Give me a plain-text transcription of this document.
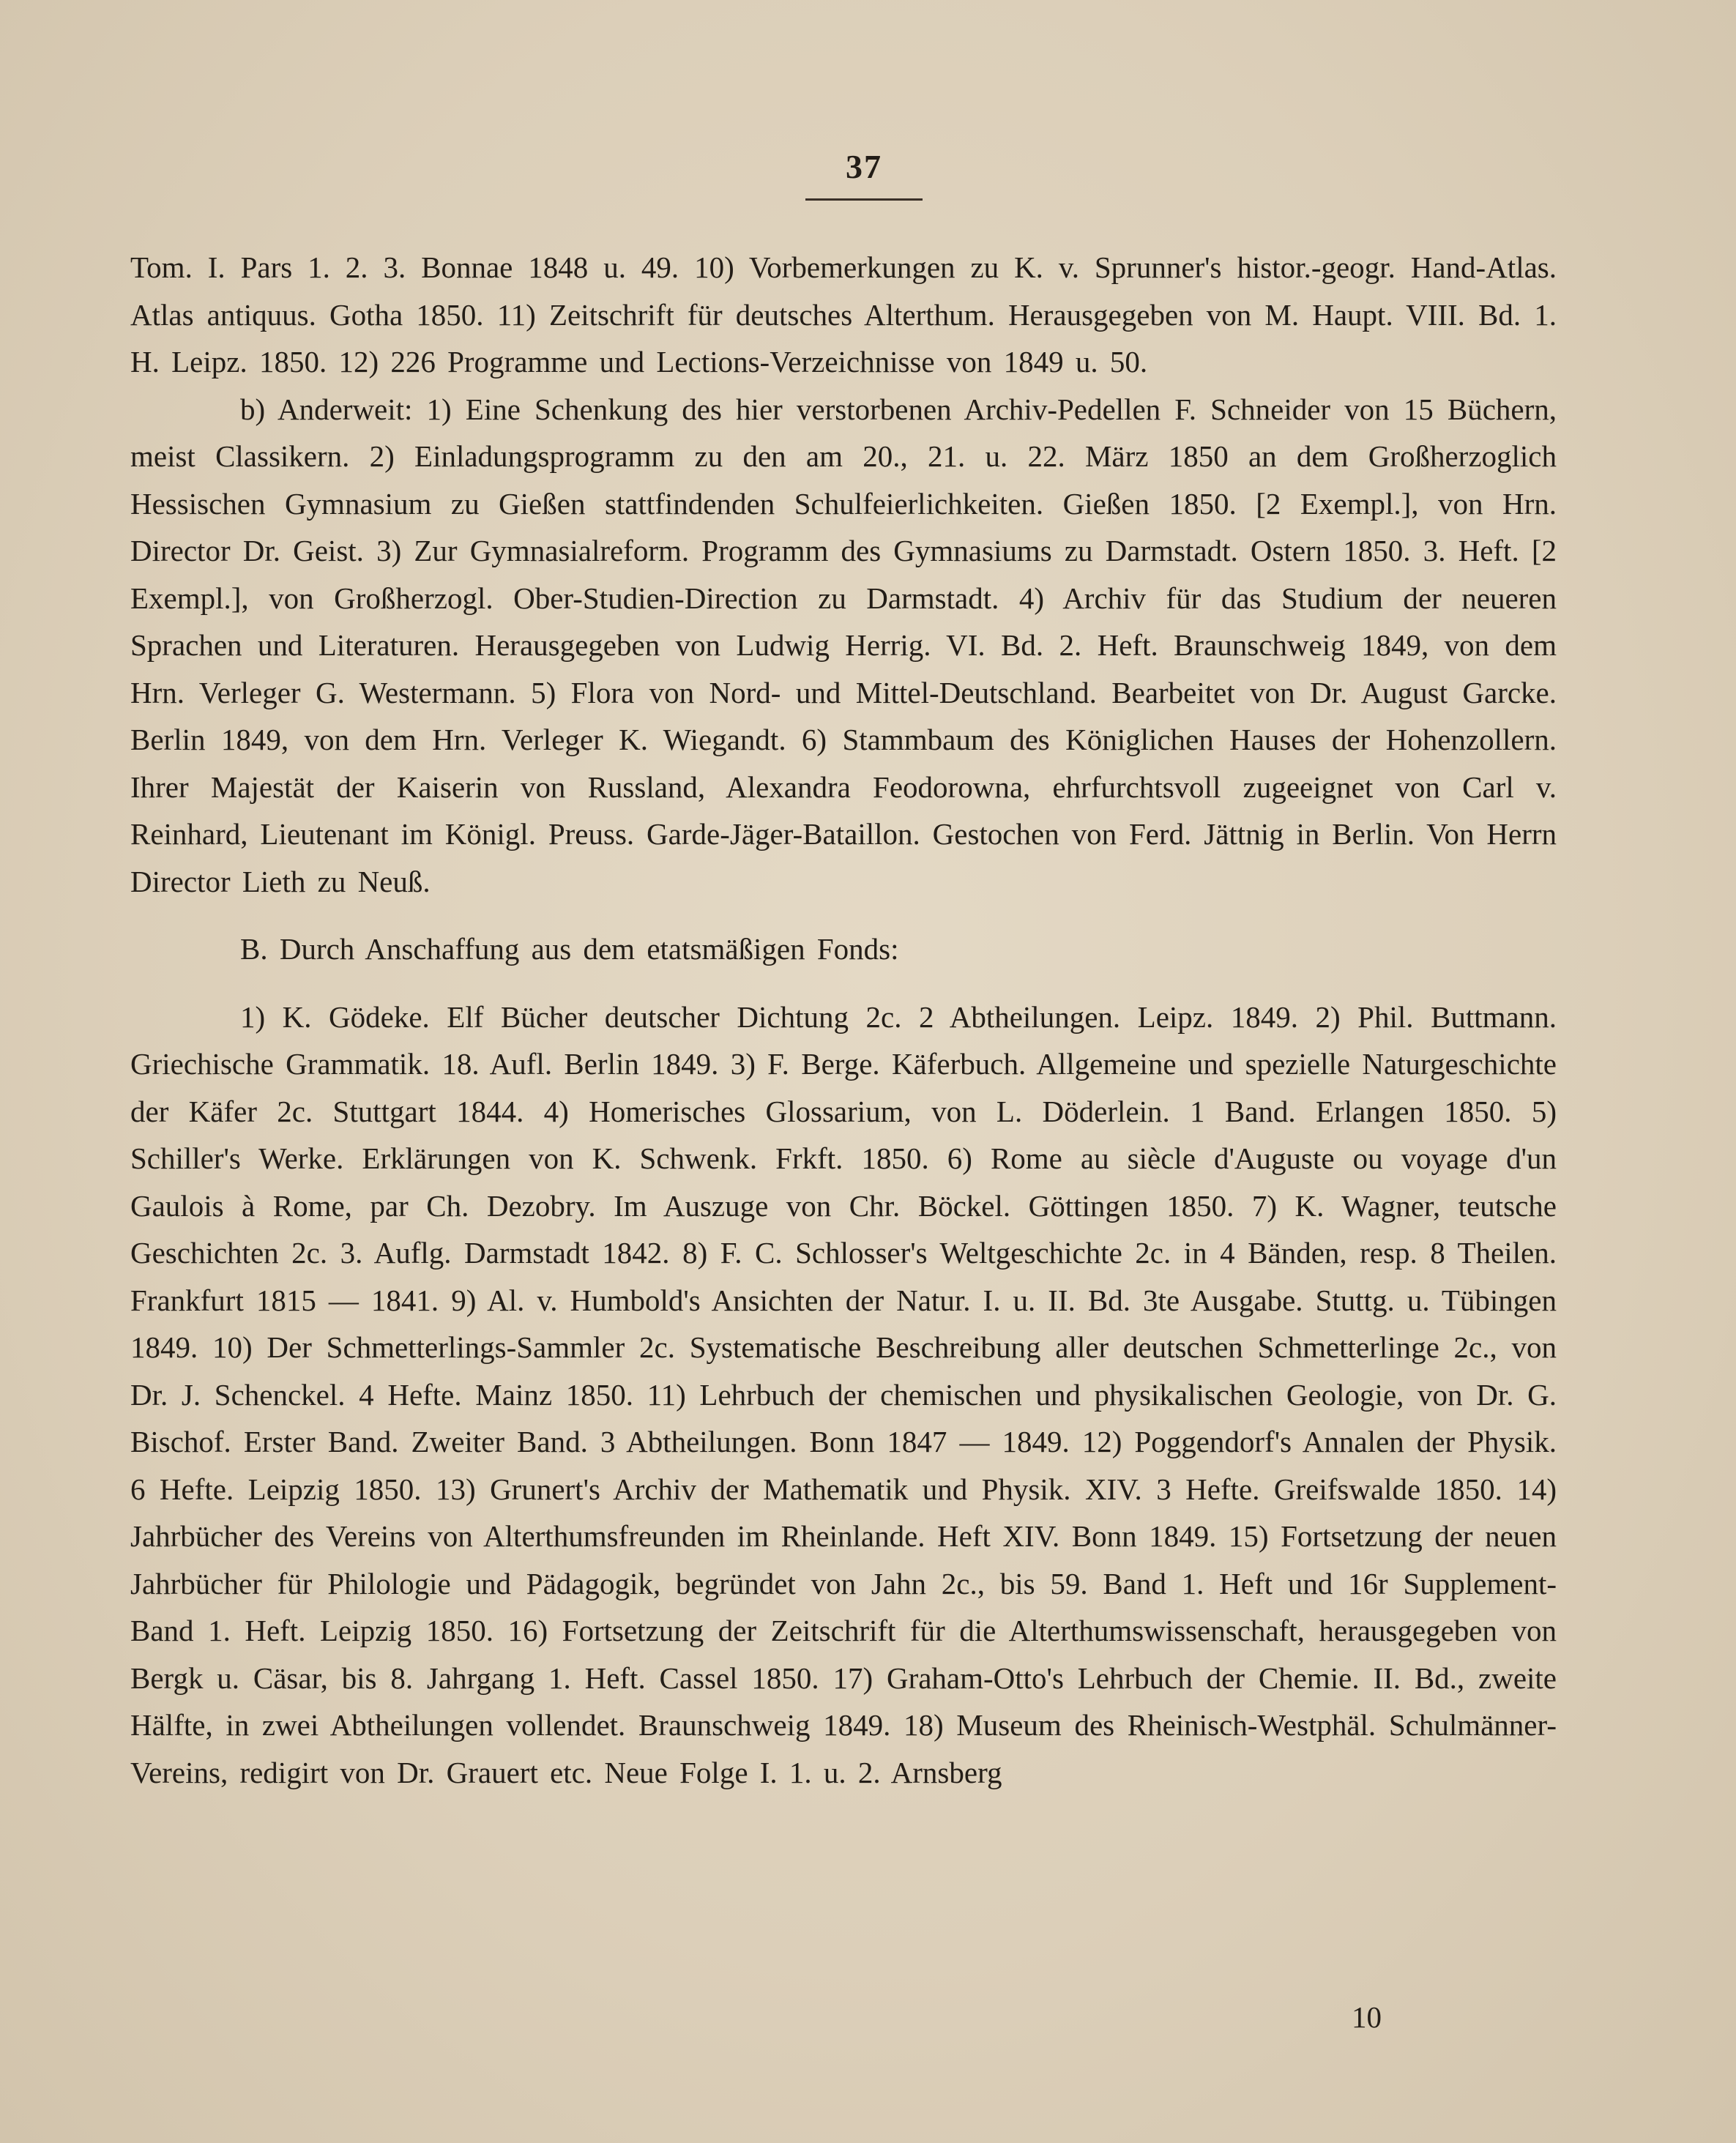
37

Tom. I. Pars 1. 2. 3. Bonnae 1848 u. 49. 10) Vorbemerkungen zu K. v. Sprunner's histor.-geogr. Hand-Atlas. Atlas antiquus. Gotha 1850. 11) Zeitschrift für deutsches Alterthum. Herausgegeben von M. Haupt. VIII. Bd. 1. H. Leipz. 1850. 12) 226 Programme und Lections-Verzeichnisse von 1849 u. 50.

b) Anderweit: 1) Eine Schenkung des hier verstorbenen Archiv-Pedellen F. Schneider von 15 Büchern, meist Classikern. 2) Einladungsprogramm zu den am 20., 21. u. 22. März 1850 an dem Großherzoglich Hessischen Gymnasium zu Gießen stattfindenden Schulfeierlichkeiten. Gießen 1850. [2 Exempl.], von Hrn. Director Dr. Geist. 3) Zur Gymnasialreform. Programm des Gymnasiums zu Darmstadt. Ostern 1850. 3. Heft. [2 Exempl.], von Großherzogl. Ober-Studien-Direction zu Darmstadt. 4) Archiv für das Studium der neueren Sprachen und Literaturen. Herausgegeben von Ludwig Herrig. VI. Bd. 2. Heft. Braunschweig 1849, von dem Hrn. Verleger G. Westermann. 5) Flora von Nord- und Mittel-Deutschland. Bearbeitet von Dr. August Garcke. Berlin 1849, von dem Hrn. Verleger K. Wiegandt. 6) Stammbaum des Königlichen Hauses der Hohenzollern. Ihrer Majestät der Kaiserin von Russland, Alexandra Feodorowna, ehrfurchtsvoll zugeeignet von Carl v. Reinhard, Lieutenant im Königl. Preuss. Garde-Jäger-Bataillon. Gestochen von Ferd. Jättnig in Berlin. Von Herrn Director Lieth zu Neuß.

B. Durch Anschaffung aus dem etatsmäßigen Fonds:

1) K. Gödeke. Elf Bücher deutscher Dichtung 2c. 2 Abtheilungen. Leipz. 1849. 2) Phil. Buttmann. Griechische Grammatik. 18. Aufl. Berlin 1849. 3) F. Berge. Käferbuch. Allgemeine und spezielle Naturgeschichte der Käfer 2c. Stuttgart 1844. 4) Homerisches Glossarium, von L. Döderlein. 1 Band. Erlangen 1850. 5) Schiller's Werke. Erklärungen von K. Schwenk. Frkft. 1850. 6) Rome au siècle d'Auguste ou voyage d'un Gaulois à Rome, par Ch. Dezobry. Im Auszuge von Chr. Böckel. Göttingen 1850. 7) K. Wagner, teutsche Geschichten 2c. 3. Auflg. Darmstadt 1842. 8) F. C. Schlosser's Weltgeschichte 2c. in 4 Bänden, resp. 8 Theilen. Frankfurt 1815 — 1841. 9) Al. v. Humbold's Ansichten der Natur. I. u. II. Bd. 3te Ausgabe. Stuttg. u. Tübingen 1849. 10) Der Schmetterlings-Sammler 2c. Systematische Beschreibung aller deutschen Schmetterlinge 2c., von Dr. J. Schenckel. 4 Hefte. Mainz 1850. 11) Lehrbuch der chemischen und physikalischen Geologie, von Dr. G. Bischof. Erster Band. Zweiter Band. 3 Abtheilungen. Bonn 1847 — 1849. 12) Poggendorf's Annalen der Physik. 6 Hefte. Leipzig 1850. 13) Grunert's Archiv der Mathematik und Physik. XIV. 3 Hefte. Greifswalde 1850. 14) Jahrbücher des Vereins von Alterthumsfreunden im Rheinlande. Heft XIV. Bonn 1849. 15) Fortsetzung der neuen Jahrbücher für Philologie und Pädagogik, begründet von Jahn 2c., bis 59. Band 1. Heft und 16r Supplement-Band 1. Heft. Leipzig 1850. 16) Fortsetzung der Zeitschrift für die Alterthumswissenschaft, herausgegeben von Bergk u. Cäsar, bis 8. Jahrgang 1. Heft. Cassel 1850. 17) Graham-Otto's Lehrbuch der Chemie. II. Bd., zweite Hälfte, in zwei Abtheilungen vollendet. Braunschweig 1849. 18) Museum des Rheinisch-Westphäl. Schulmänner-Vereins, redigirt von Dr. Grauert etc. Neue Folge I. 1. u. 2. Arnsberg

10
